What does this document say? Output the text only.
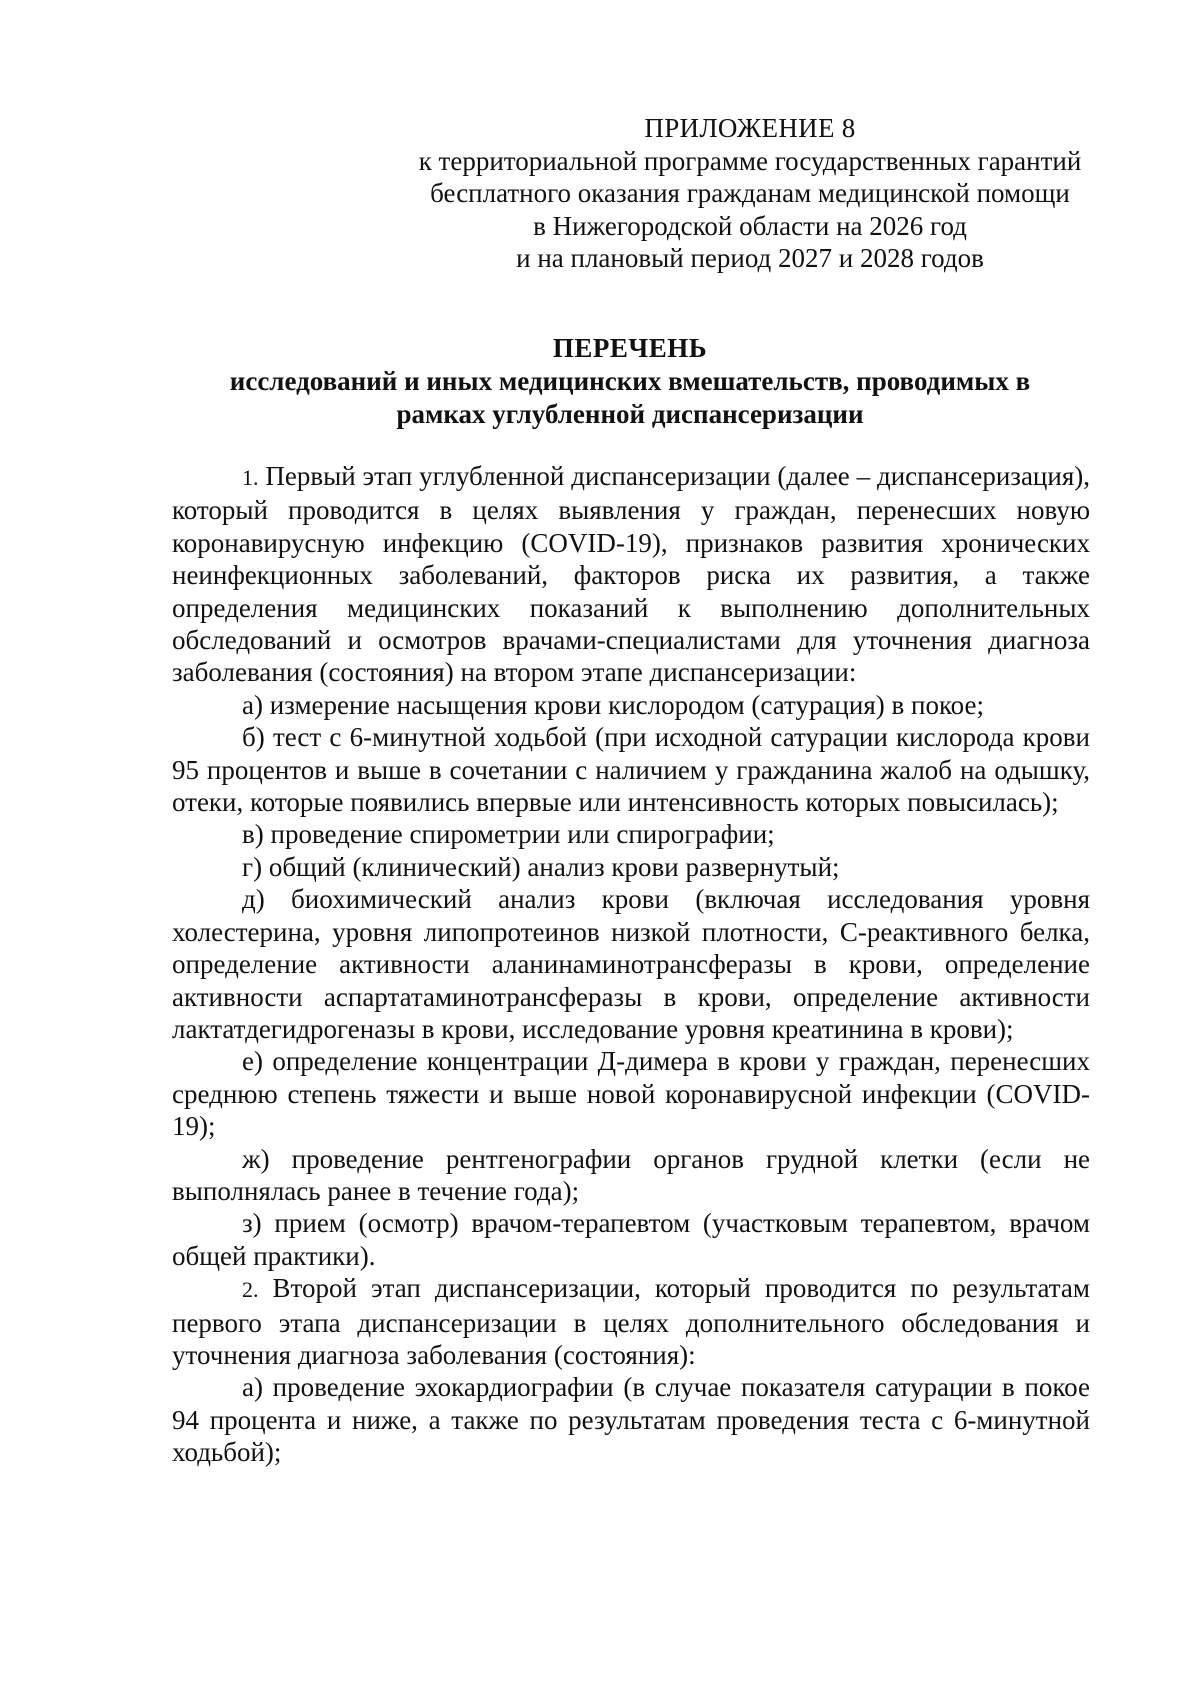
ПРИЛОЖЕНИЕ 8
к территориальной программе государственных гарантий
бесплатного оказания гражданам медицинской помощи
в Нижегородской области на 2026 год
и на плановый период 2027 и 2028 годов
ПЕРЕЧЕНЬ
исследований и иных медицинских вмешательств, проводимых в
рамках углубленной диспансеризации

1. Первый этап углубленной диспансеризации (далее – диспансеризация), который проводится в целях выявления у граждан, перенесших новую коронавирусную инфекцию (COVID-19), признаков развития хронических неинфекционных заболеваний, факторов риска их развития, а также определения медицинских показаний к выполнению дополнительных обследований и осмотров врачами-специалистами для уточнения диагноза заболевания (состояния) на втором этапе диспансеризации:

а) измерение насыщения крови кислородом (сатурация) в покое;

б) тест с 6-минутной ходьбой (при исходной сатурации кислорода крови 95 процентов и выше в сочетании с наличием у гражданина жалоб на одышку, отеки, которые появились впервые или интенсивность которых повысилась);

в) проведение спирометрии или спирографии;

г) общий (клинический) анализ крови развернутый;

д) биохимический анализ крови (включая исследования уровня холестерина, уровня липопротеинов низкой плотности, С-реактивного белка, определение активности аланинаминотрансферазы в крови, определение активности аспартатаминотрансферазы в крови, определение активности лактатдегидрогеназы в крови, исследование уровня креатинина в крови);

е) определение концентрации Д-димера в крови у граждан, перенесших среднюю степень тяжести и выше новой коронавирусной инфекции (COVID-19);

ж) проведение рентгенографии органов грудной клетки (если не выполнялась ранее в течение года);

з) прием (осмотр) врачом-терапевтом (участковым терапевтом, врачом общей практики).

2. Второй этап диспансеризации, который проводится по результатам первого этапа диспансеризации в целях дополнительного обследования и уточнения диагноза заболевания (состояния):

а) проведение эхокардиографии (в случае показателя сатурации в покое 94 процента и ниже, а также по результатам проведения теста с 6-минутной ходьбой);
